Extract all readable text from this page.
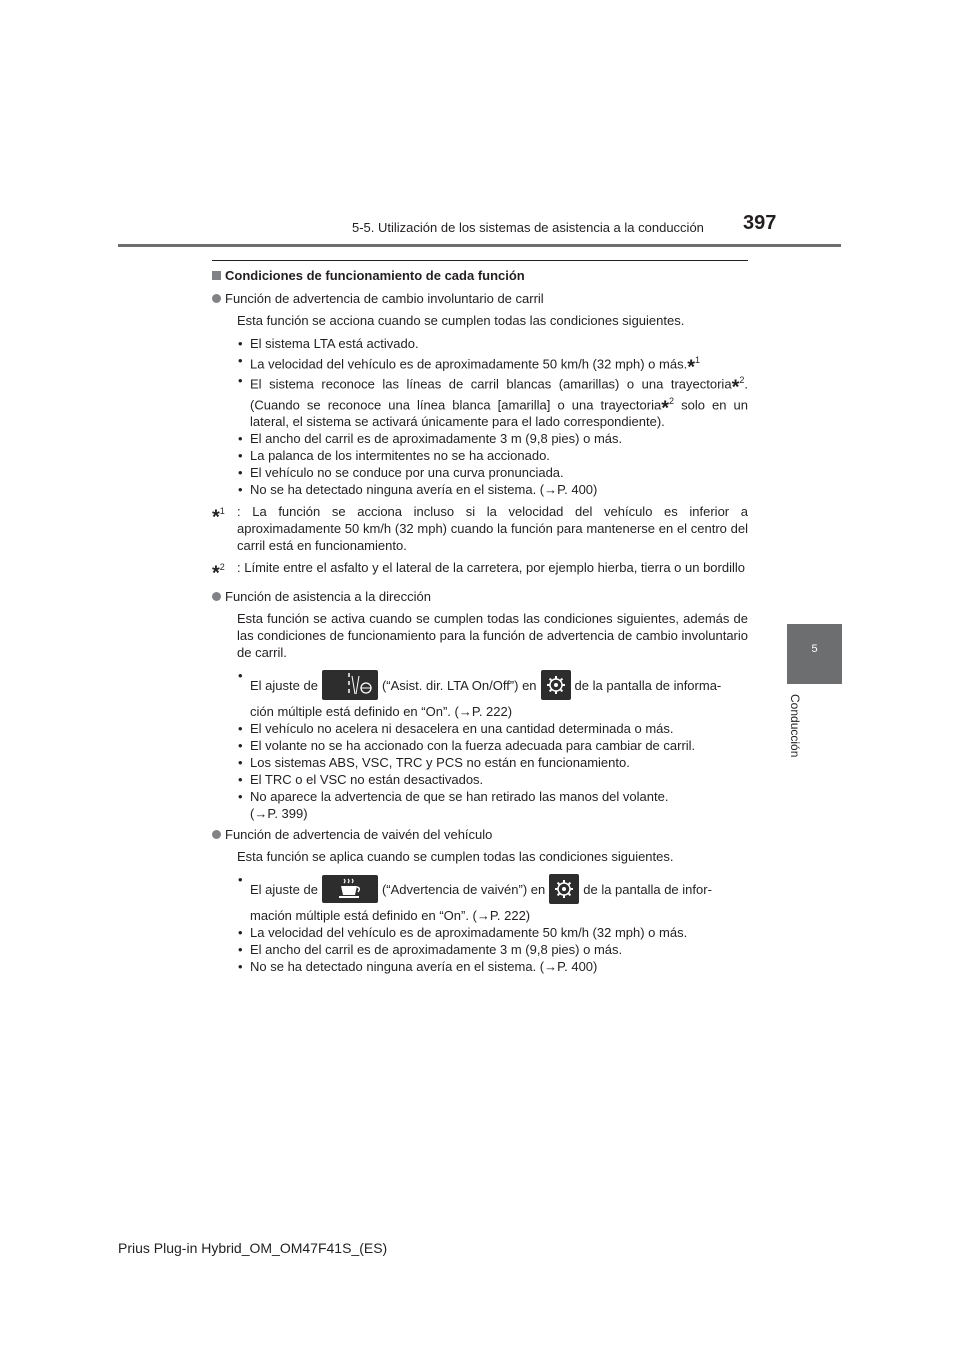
5-5. Utilización de los sistemas de asistencia a la conducción 397
5
Conducción
Condiciones de funcionamiento de cada función
Función de advertencia de cambio involuntario de carril
Esta función se acciona cuando se cumplen todas las condiciones siguientes.
• El sistema LTA está activado.
• La velocidad del vehículo es de aproximadamente 50 km/h (32 mph) o más.*$^1$
• El sistema reconoce las líneas de carril blancas (amarillas) o una trayectoria*$^2$. (Cuando se reconoce una línea blanca [amarilla] o una trayectoria*$^2$ solo en un lateral, el sistema se activará únicamente para el lado correspondiente).
• El ancho del carril es de aproximadamente 3 m (9,8 pies) o más.
• La palanca de los intermitentes no se ha accionado.
• El vehículo no se conduce por una curva pronunciada.
• No se ha detectado ninguna avería en el sistema. (→P. 400)
*$^1$ : La función se acciona incluso si la velocidad del vehículo es inferior a aproximadamente 50 km/h (32 mph) cuando la función para mantenerse en el centro del carril está en funcionamiento.
*$^2$ : Límite entre el asfalto y el lateral de la carretera, por ejemplo hierba, tierra o un bordillo
Función de asistencia a la dirección
Esta función se activa cuando se cumplen todas las condiciones siguientes, además de las condiciones de funcionamiento para la función de advertencia de cambio involuntario de carril.
• El ajuste de	(“Asist. dir. LTA On/Off”) en	de la pantalla de informa-
ción múltiple está definido en “On”. (→P. 222)
• El vehículo no acelera ni desacelera en una cantidad determinada o más.
• El volante no se ha accionado con la fuerza adecuada para cambiar de carril.
• Los sistemas ABS, VSC, TRC y PCS no están en funcionamiento.
• El TRC o el VSC no están desactivados.
• No aparece la advertencia de que se han retirado las manos del volante.
(→P. 399)
Función de advertencia de vaivén del vehículo
Esta función se aplica cuando se cumplen todas las condiciones siguientes.
• El ajuste de	(“Advertencia de vaivén”) en	de la pantalla de infor-
mación múltiple está definido en “On”. (→P. 222)
• La velocidad del vehículo es de aproximadamente 50 km/h (32 mph) o más.
• El ancho del carril es de aproximadamente 3 m (9,8 pies) o más.
• No se ha detectado ninguna avería en el sistema. (→P. 400)
Prius Plug-in Hybrid_OM_OM47F41S_(ES)
